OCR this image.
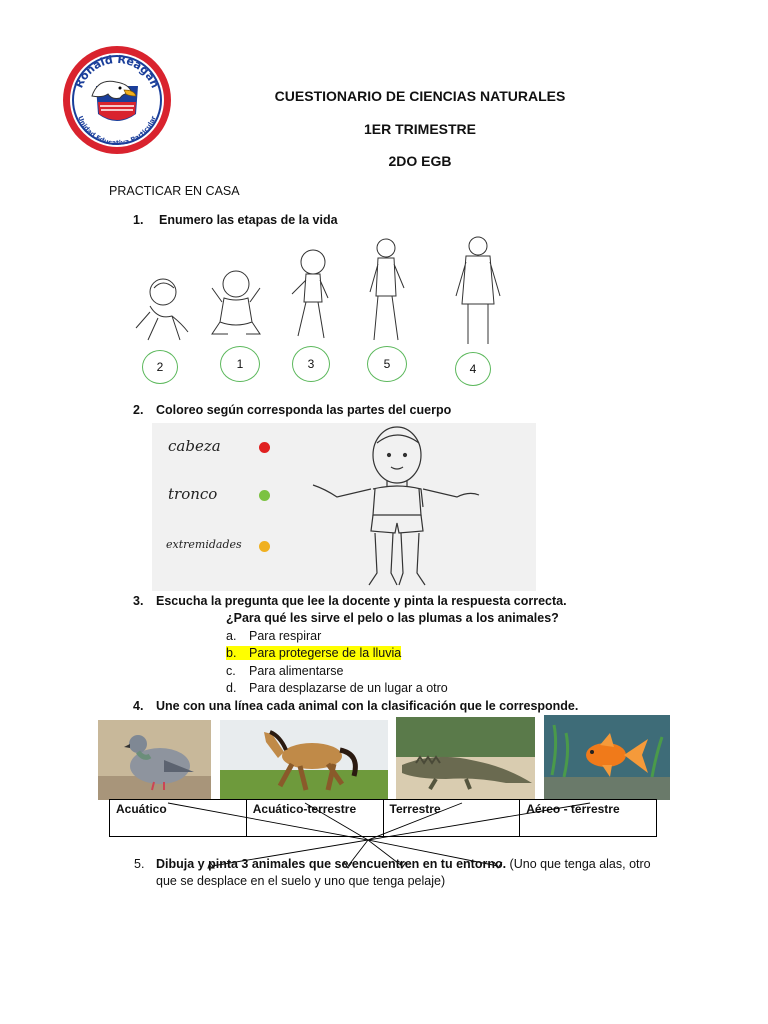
Ronald Reagan
Unidad Educativa Particular
CUESTIONARIO DE CIENCIAS NATURALES
1ER TRIMESTRE
2DO EGB
PRACTICAR EN CASA
1. Enumero las etapas de la vida
2	1	3	5	4
2. Coloreo según corresponda las partes del cuerpo
cabeza
tronco
extremidades
3. Escucha la pregunta que lee la docente y pinta la respuesta correcta.
¿Para qué les sirve el pelo o las plumas a los animales?
a. Para respirar
b.	Para protegerse de la lluvia
c. Para alimentarse
d. Para desplazarse de un lugar a otro
4. Une con una línea cada animal con la clasificación que le corresponde.
Acuático	Acuático-terrestre	Terrestre	Aéreo - terrestre
5. Dibuja y pinta 3 animales que se encuentren en tu entorno. (Uno que tenga alas, otro
que se desplace en el suelo y uno que tenga pelaje)
